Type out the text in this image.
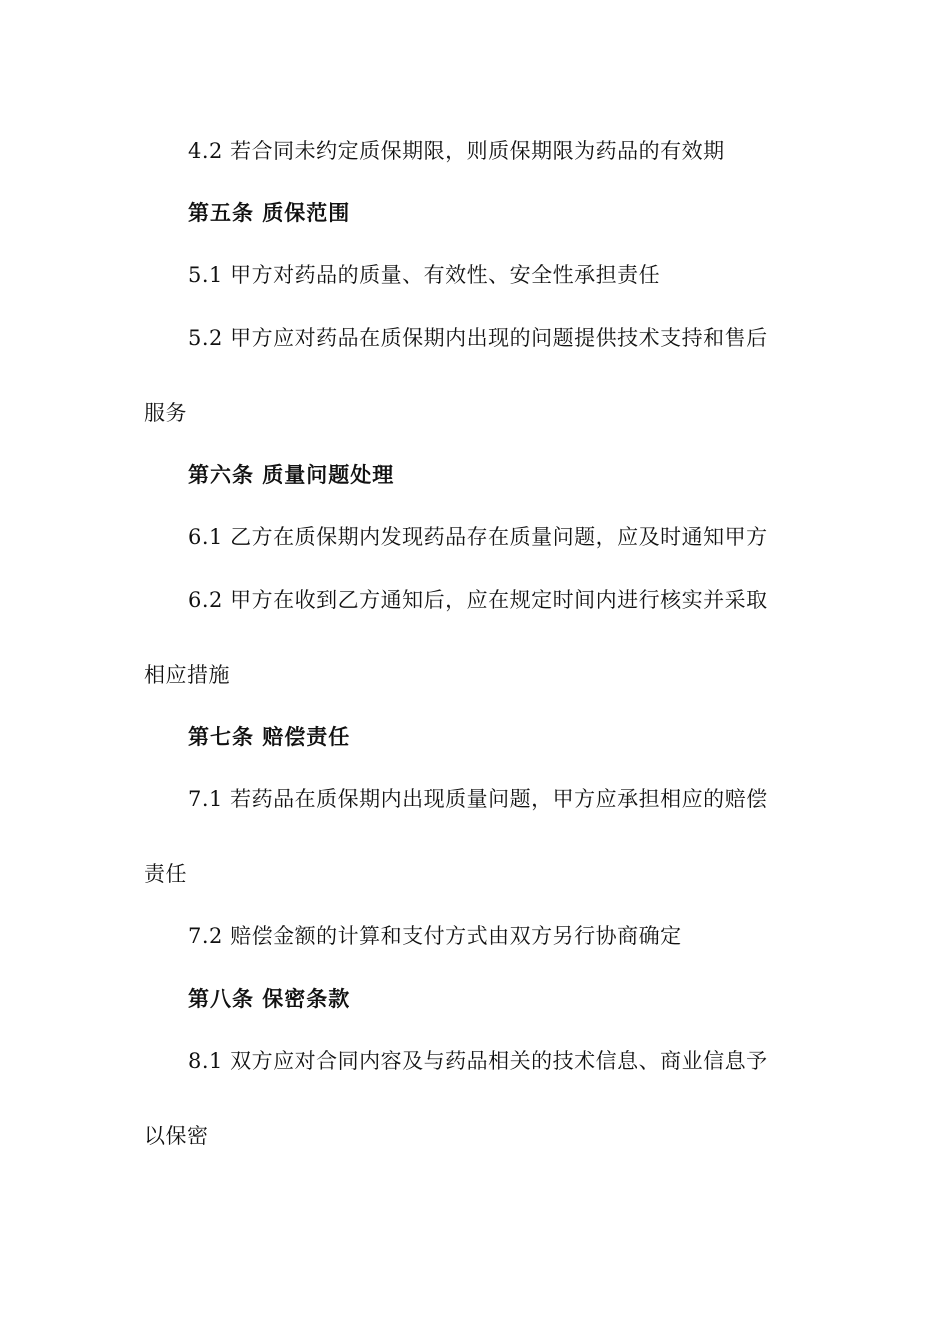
4.2 若合同未约定质保期限，则质保期限为药品的有效期
第五条 质保范围
5.1 甲方对药品的质量、有效性、安全性承担责任
5.2 甲方应对药品在质保期内出现的问题提供技术支持和售后
服务
第六条 质量问题处理
6.1 乙方在质保期内发现药品存在质量问题，应及时通知甲方
6.2 甲方在收到乙方通知后，应在规定时间内进行核实并采取
相应措施
第七条 赔偿责任
7.1 若药品在质保期内出现质量问题，甲方应承担相应的赔偿
责任
7.2 赔偿金额的计算和支付方式由双方另行协商确定
第八条 保密条款
8.1 双方应对合同内容及与药品相关的技术信息、商业信息予
以保密
